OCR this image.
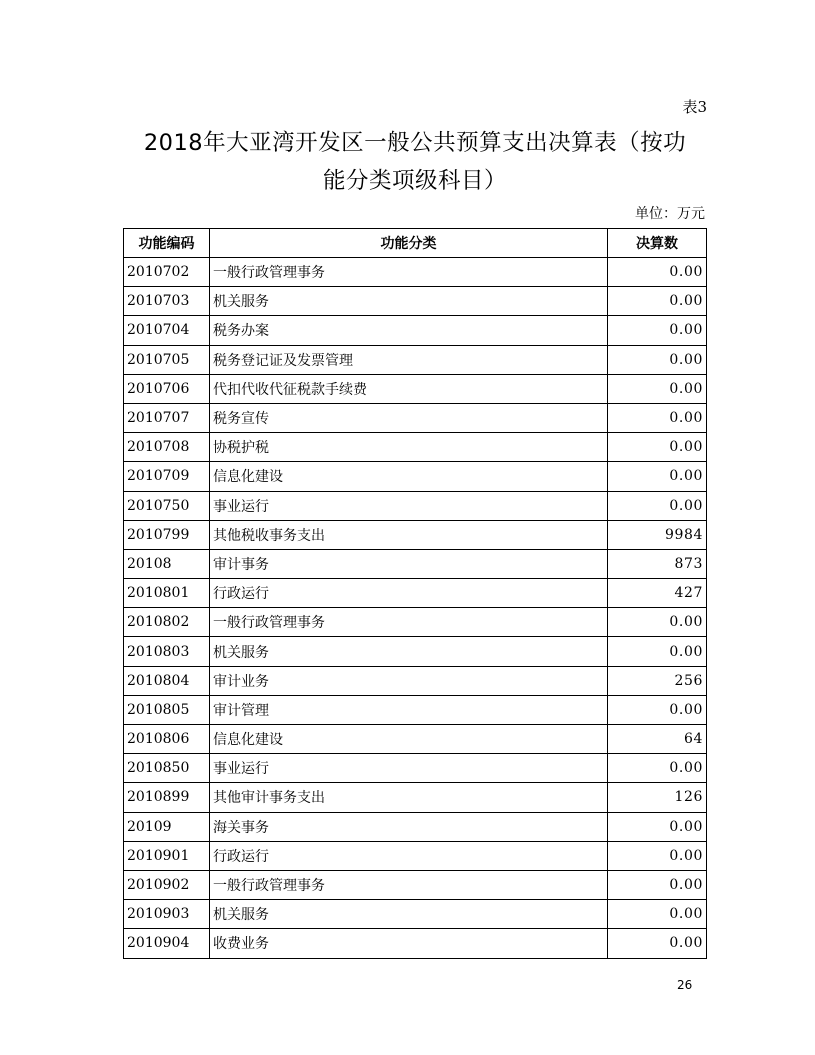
表3
2018年大亚湾开发区一般公共预算支出决算表（按功
能分类项级科目）
单位：万元
功能编码	功能分类	决算数
2010702	一般行政管理事务	0.00
2010703	机关服务	0.00
2010704	税务办案	0.00
2010705	税务登记证及发票管理	0.00
2010706	代扣代收代征税款手续费	0.00
2010707	税务宣传	0.00
2010708	协税护税	0.00
2010709	信息化建设	0.00
2010750	事业运行	0.00
2010799	其他税收事务支出	9984
20108	审计事务	873
2010801	行政运行	427
2010802	一般行政管理事务	0.00
2010803	机关服务	0.00
2010804	审计业务	256
2010805	审计管理	0.00
2010806	信息化建设	64
2010850	事业运行	0.00
2010899	其他审计事务支出	126
20109	海关事务	0.00
2010901	行政运行	0.00
2010902	一般行政管理事务	0.00
2010903	机关服务	0.00
2010904	收费业务	0.00
26
